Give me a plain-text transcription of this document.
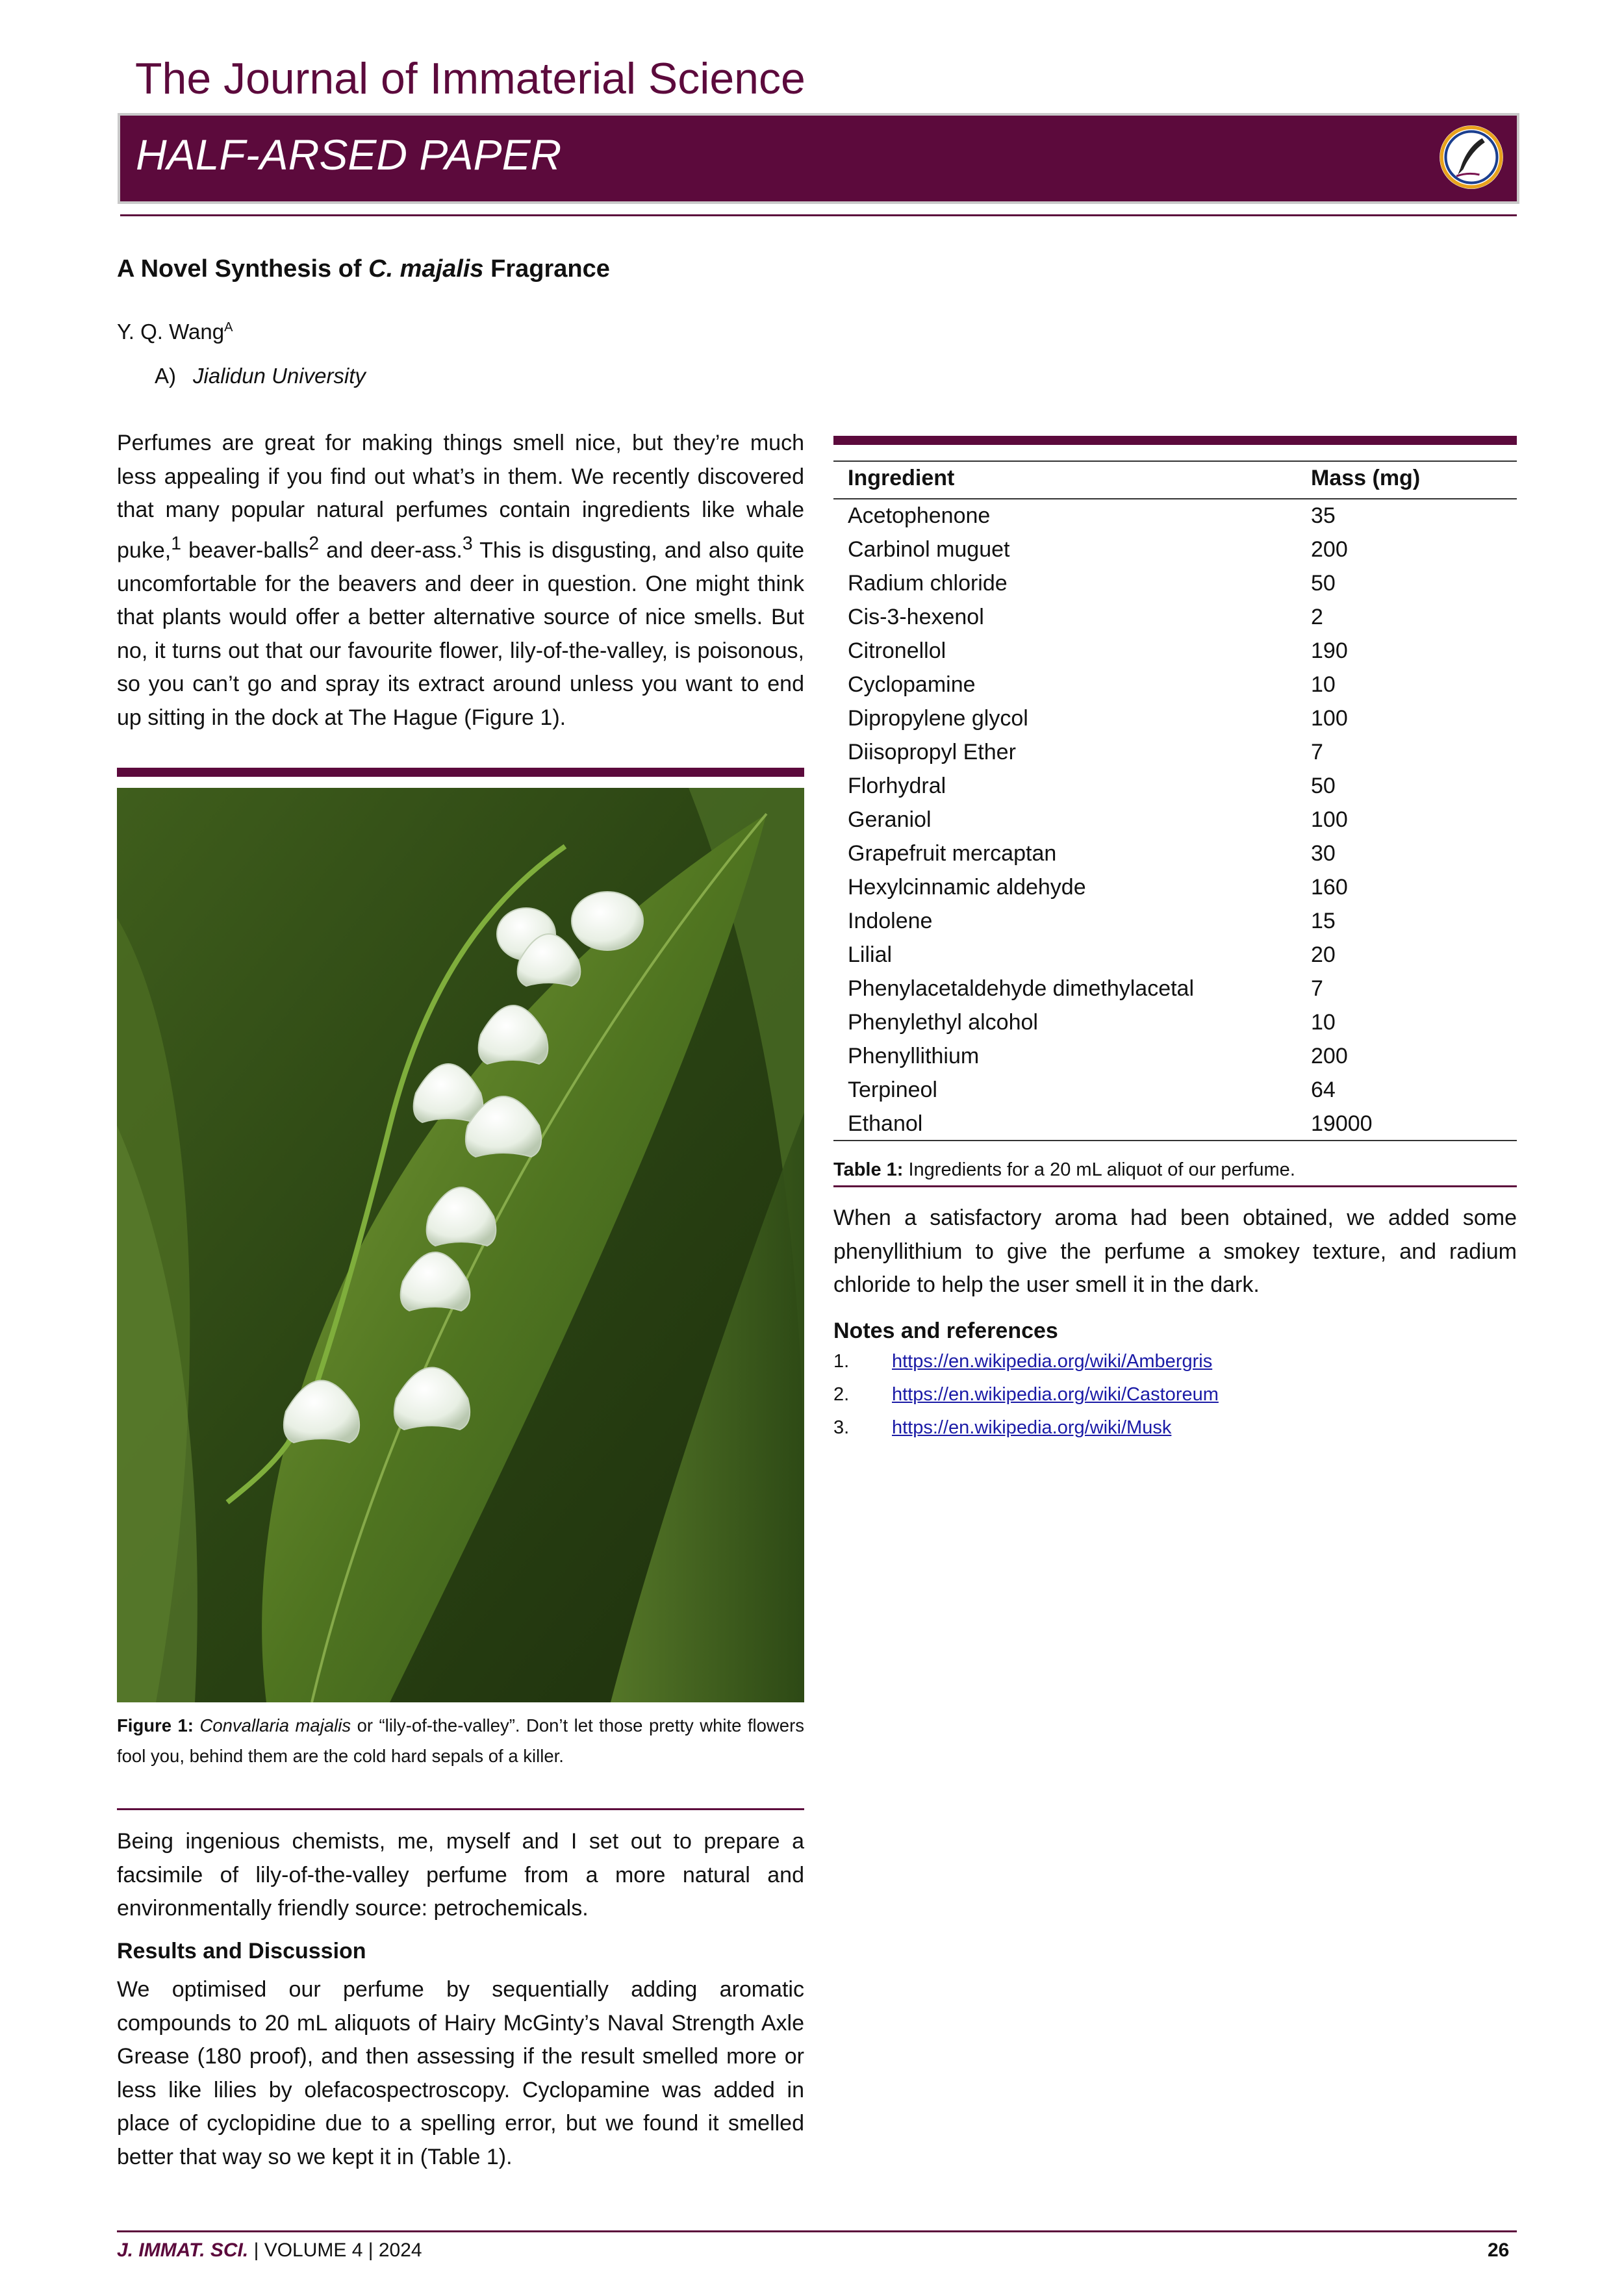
The Journal of Immaterial Science
HALF-ARSED PAPER
A Novel Synthesis of C. majalis Fragrance
Y. Q. Wang$^A$
A) Jialidun University
Perfumes are great for making things smell nice, but they’re much less appealing if you find out what’s in them. We recently discovered that many popular natural perfumes contain ingredients like whale puke,$^1$ beaver-balls$^2$ and deer-ass.$^3$ This is disgusting, and also quite uncomfortable for the beavers and deer in question. One might think that plants would offer a better alternative source of nice smells. But no, it turns out that our favourite flower, lily-of-the-valley, is poisonous, so you can’t go and spray its extract around unless you want to end up sitting in the dock at The Hague (Figure 1).
Figure 1: Convallaria majalis or “lily-of-the-valley”. Don’t let those pretty white flowers fool you, behind them are the cold hard sepals of a killer.
Being ingenious chemists, me, myself and I set out to prepare a facsimile of lily-of-the-valley perfume from a more natural and environmentally friendly source: petrochemicals.
Results and Discussion
We optimised our perfume by sequentially adding aromatic compounds to 20 mL aliquots of Hairy McGinty’s Naval Strength Axle Grease (180 proof), and then assessing if the result smelled more or less like lilies by olefacospectroscopy. Cyclopamine was added in place of cyclopidine due to a spelling error, but we found it smelled better that way so we kept it in (Table 1).
Ingredient	Mass (mg)
Acetophenone	35
Carbinol muguet	200
Radium chloride	50
Cis-3-hexenol	2
Citronellol	190
Cyclopamine	10
Dipropylene glycol	100
Diisopropyl Ether	7
Florhydral	50
Geraniol	100
Grapefruit mercaptan	30
Hexylcinnamic aldehyde	160
Indolene	15
Lilial	20
Phenylacetaldehyde dimethylacetal	7
Phenylethyl alcohol	10
Phenyllithium	200
Terpineol	64
Ethanol	19000
Table 1: Ingredients for a 20 mL aliquot of our perfume.
When a satisfactory aroma had been obtained, we added some phenyllithium to give the perfume a smokey texture, and radium chloride to help the user smell it in the dark.
Notes and references
1. https://en.wikipedia.org/wiki/Ambergris
2. https://en.wikipedia.org/wiki/Castoreum
3. https://en.wikipedia.org/wiki/Musk
J. IMMAT. SCI. | VOLUME 4 | 2024	26
